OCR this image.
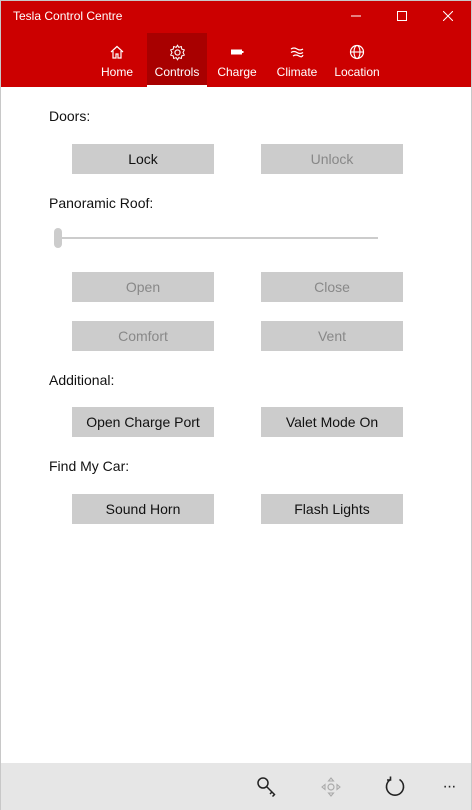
Tesla Control Centre
Home Controls Charge Climate Location
Doors:
Lock	Unlock
Panoramic Roof:
Open	Close
Comfort	Vent
Additional:
Open Charge Port	Valet Mode On
Find My Car:
Sound Horn	Flash Lights
···
